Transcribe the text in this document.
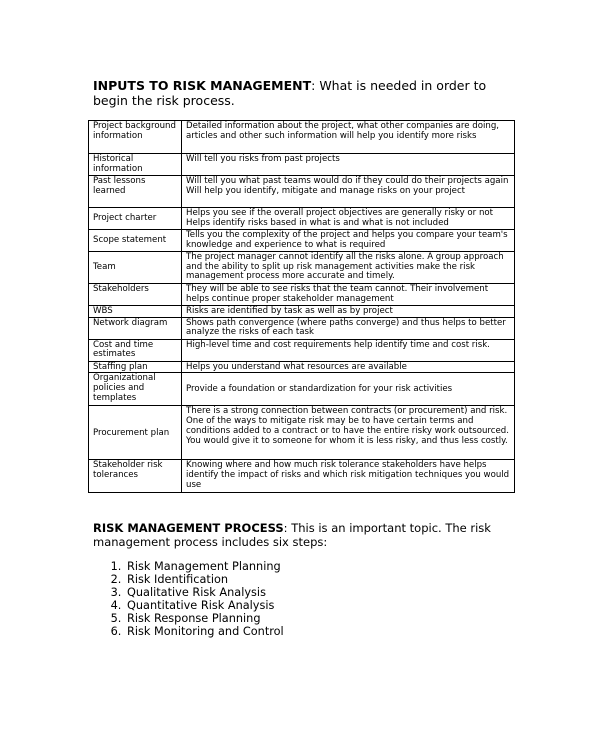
INPUTS TO RISK MANAGEMENT: What is needed in order to begin the risk process.
Project background information	Detailed information about the project, what other companies are doing, articles and other such information will help you identify more risks
Historical information	Will tell you risks from past projects
Past lessons learned	Will tell you what past teams would do if they could do their projects again
Will help you identify, mitigate and manage risks on your project

Project charter	Helps you see if the overall project objectives are generally risky or not
Helps identify risks based in what is and what is not included

Scope statement	Tells you the complexity of the project and helps you compare your team's knowledge and experience to what is required
Team	The project manager cannot identify all the risks alone. A group approach and the ability to split up risk management activities make the risk management process more accurate and timely.
Stakeholders	They will be able to see risks that the team cannot. Their involvement helps continue proper stakeholder management
WBS	Risks are identified by task as well as by project
Network diagram	Shows path convergence (where paths converge) and thus helps to better analyze the risks of each task
Cost and time estimates	High-level time and cost requirements help identify time and cost risk.
Staffing plan	Helps you understand what resources are available
Organizational policies and templates	Provide a foundation or standardization for your risk activities
Procurement plan	There is a strong connection between contracts (or procurement) and risk. One of the ways to mitigate risk may be to have certain terms and conditions added to a contract or to have the entire risky work outsourced. You would give it to someone for whom it is less risky, and thus less costly.
Stakeholder risk tolerances	Knowing where and how much risk tolerance stakeholders have helps identify the impact of risks and which risk mitigation techniques you would use
RISK MANAGEMENT PROCESS: This is an important topic. The risk management process includes six steps:
1. Risk Management Planning
2. Risk Identification
3. Qualitative Risk Analysis
4. Quantitative Risk Analysis
5. Risk Response Planning
6. Risk Monitoring and Control
